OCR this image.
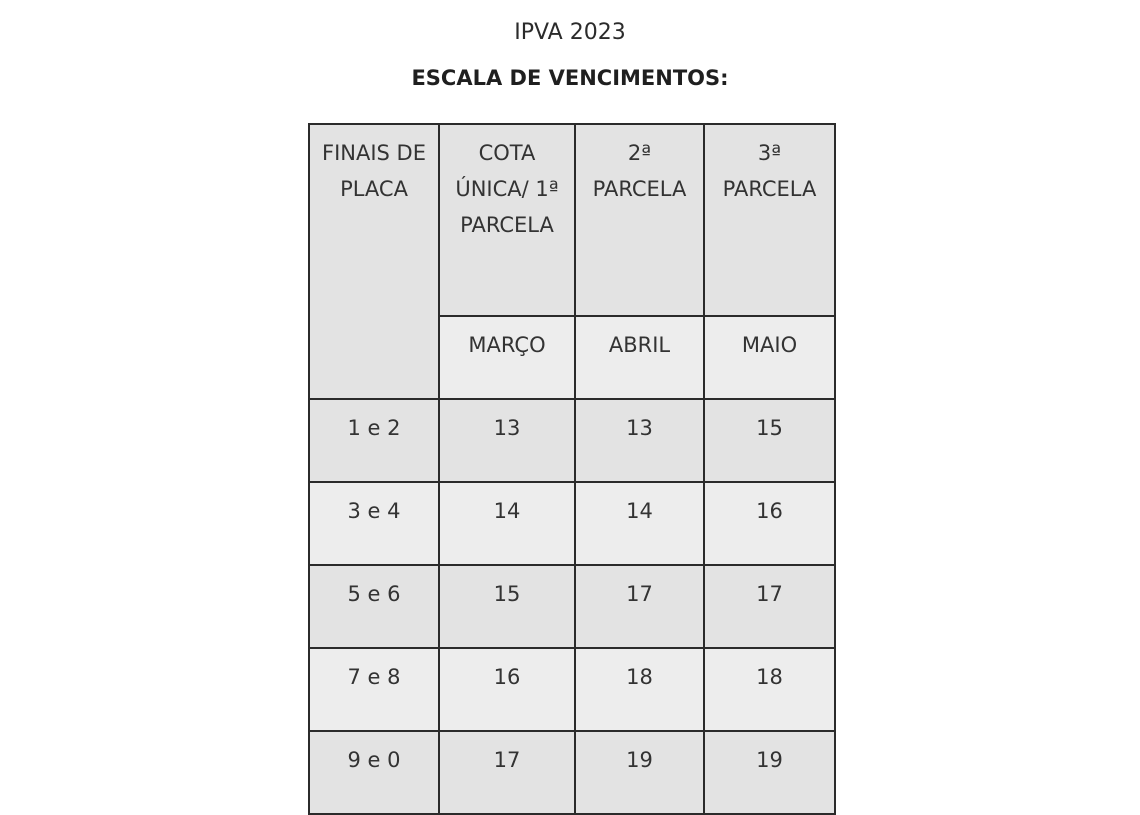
IPVA 2023
ESCALA DE VENCIMENTOS:
FINAIS DE PLACA	COTA ÚNICA/ 1ª PARCELA	2ª PARCELA	3ª PARCELA

	MARÇO	ABRIL	MAIO
1 e 2	13	13	15
3 e 4	14	14	16
5 e 6	15	17	17
7 e 8	16	18	18
9 e 0	17	19	19
